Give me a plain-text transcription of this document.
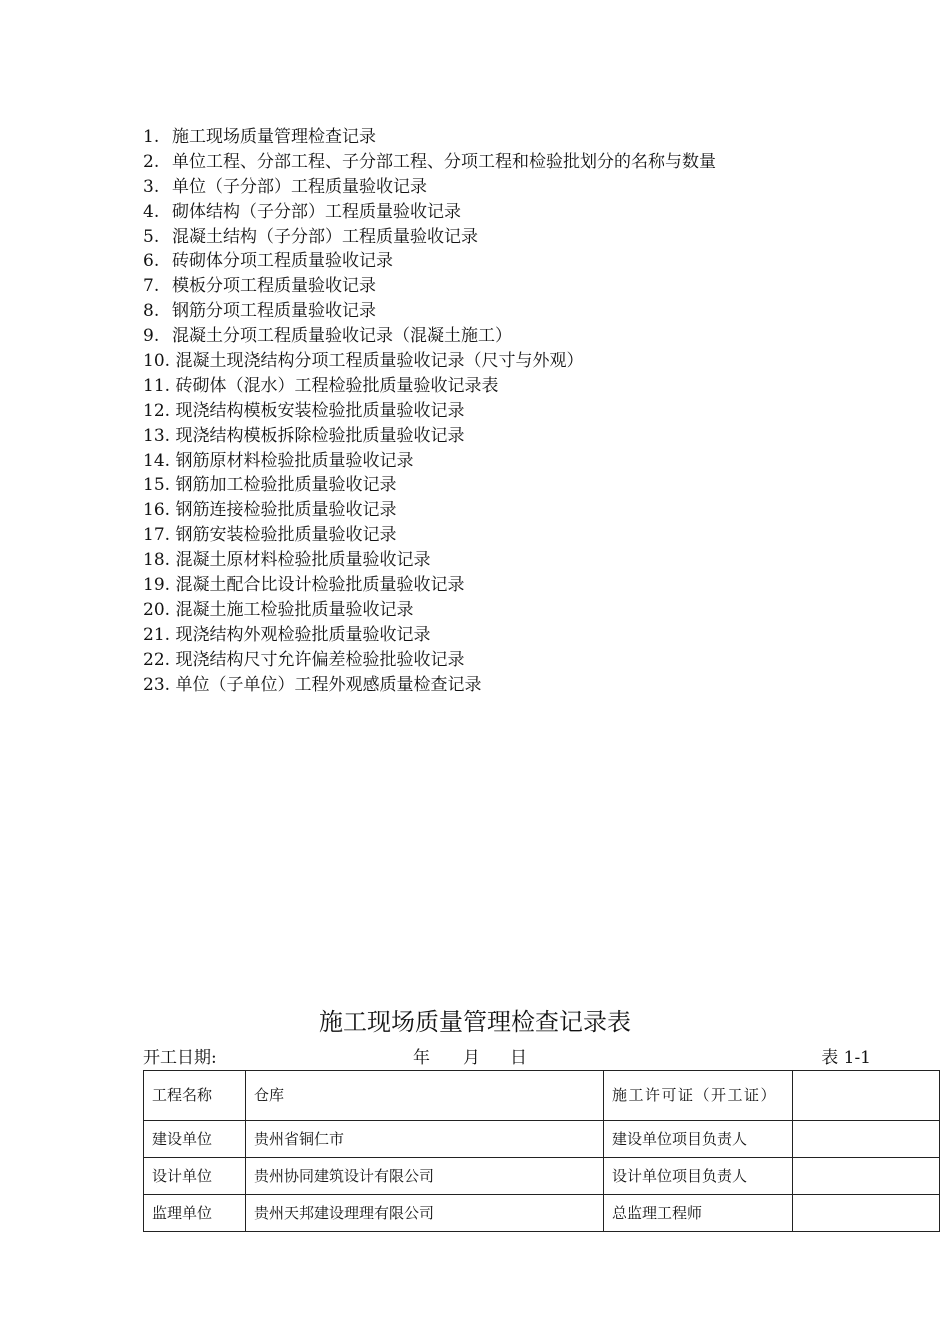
1. 施工现场质量管理检查记录
2. 单位工程、分部工程、子分部工程、分项工程和检验批划分的名称与数量
3. 单位（子分部）工程质量验收记录
4. 砌体结构（子分部）工程质量验收记录
5. 混凝土结构（子分部）工程质量验收记录
6. 砖砌体分项工程质量验收记录
7. 模板分项工程质量验收记录
8. 钢筋分项工程质量验收记录
9. 混凝土分项工程质量验收记录（混凝土施工）
10. 混凝土现浇结构分项工程质量验收记录（尺寸与外观）
11. 砖砌体（混水）工程检验批质量验收记录表
12. 现浇结构模板安装检验批质量验收记录
13. 现浇结构模板拆除检验批质量验收记录
14. 钢筋原材料检验批质量验收记录
15. 钢筋加工检验批质量验收记录
16. 钢筋连接检验批质量验收记录
17. 钢筋安装检验批质量验收记录
18. 混凝土原材料检验批质量验收记录
19. 混凝土配合比设计检验批质量验收记录
20. 混凝土施工检验批质量验收记录
21. 现浇结构外观检验批质量验收记录
22. 现浇结构尺寸允许偏差检验批验收记录
23. 单位（子单位）工程外观感质量检查记录
施工现场质量管理检查记录表
开工日期:	年 月 日	表 1-1
工程名称	仓库	施工许可证（开工证）	
建设单位	贵州省铜仁市	建设单位项目负责人	
设计单位	贵州协同建筑设计有限公司	设计单位项目负责人	
监理单位	贵州天邦建设理理有限公司	总监理工程师	
